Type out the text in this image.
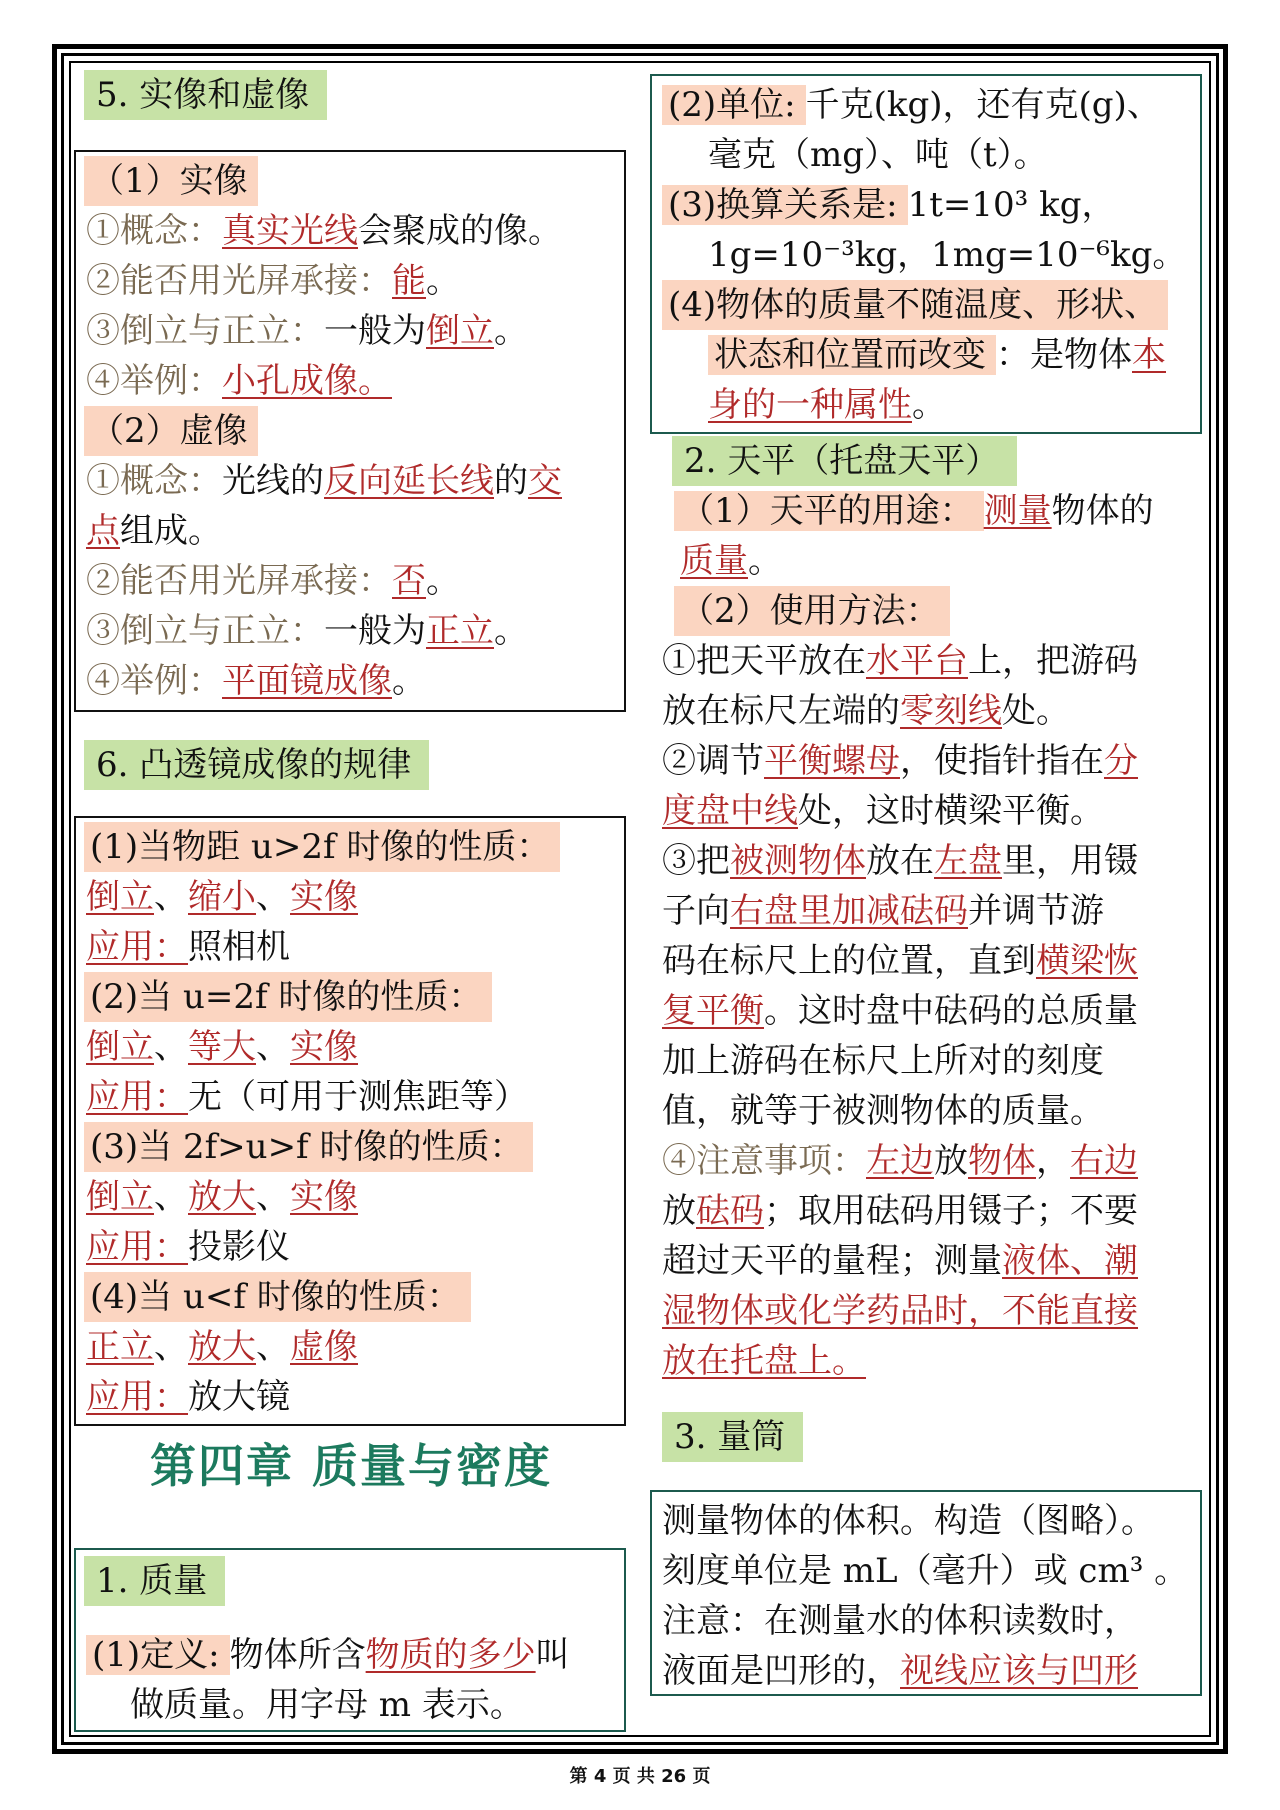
5. 实像和虚像
（1）实像
①概念：真实光线会聚成的像。
②能否用光屏承接：能。
③倒立与正立：一般为倒立。
④举例：小孔成像。
（2）虚像
①概念：光线的反向延长线的交
点组成。
②能否用光屏承接：否。
③倒立与正立：一般为正立。
④举例：平面镜成像。
6. 凸透镜成像的规律
(1)当物距 u>2f 时像的性质：
倒立、缩小、实像
应用：照相机
(2)当 u=2f 时像的性质：
倒立、等大、实像
应用：无（可用于测焦距等）
(3)当 2f>u>f 时像的性质：
倒立、放大、实像
应用：投影仪
(4)当 u<f 时像的性质：
正立、放大、虚像
应用：放大镜
第四章 质量与密度
1. 质量
(1)定义: 物体所含物质的多少叫
做质量。用字母 m 表示。
(2)单位: 千克(kg)，还有克(g)、
毫克（mg）、吨（t）。
(3)换算关系是: 1t=10³ kg，
1g=10⁻³kg，1mg=10⁻⁶kg。
(4)物体的质量不随温度、形状、
状态和位置而改变 ：是物体本
身的一种属性。
2. 天平（托盘天平）
（1）天平的用途： 测量物体的
质量。
（2）使用方法：
①把天平放在水平台上，把游码
放在标尺左端的零刻线处。
②调节平衡螺母，使指针指在分
度盘中线处，这时横梁平衡。
③把被测物体放在左盘里，用镊
子向右盘里加减砝码并调节游
码在标尺上的位置，直到横梁恢
复平衡。这时盘中砝码的总质量
加上游码在标尺上所对的刻度
值，就等于被测物体的质量。
④注意事项：左边放物体，右边
放砝码；取用砝码用镊子；不要
超过天平的量程；测量液体、潮
湿物体或化学药品时，不能直接
放在托盘上。
3. 量筒
测量物体的体积。构造（图略）。
刻度单位是 mL（毫升）或 cm³ 。
注意：在测量水的体积读数时，
液面是凹形的，视线应该与凹形
第 4 页 共 26 页
